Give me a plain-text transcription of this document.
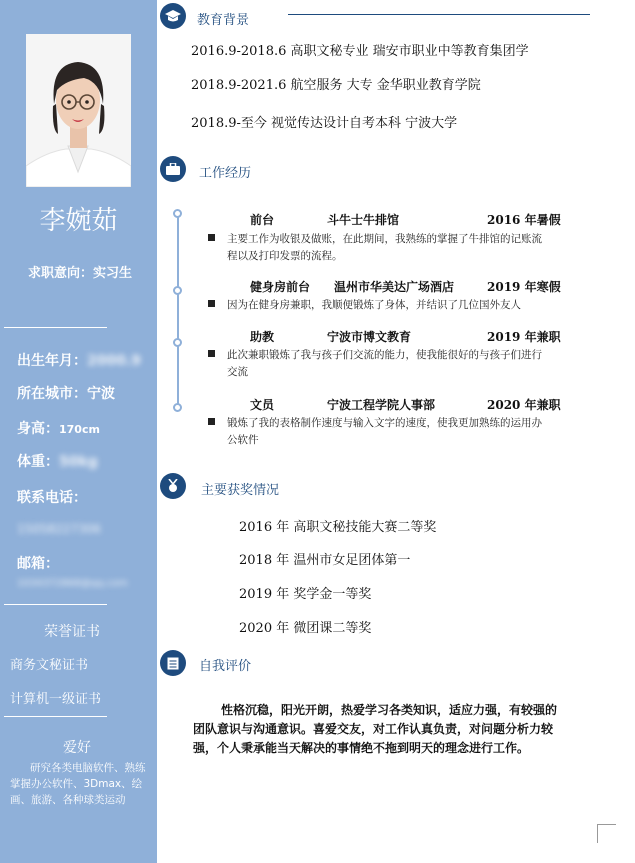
李婉茹
求职意向：实习生
出生年月：2000.9
所在城市：宁波
身高：170cm
体重：50kg
联系电话：
15058227306
邮箱：
1034372868@qq.com
荣誉证书
商务文秘证书
计算机一级证书
爱好
研究各类电脑软件、熟练掌握办公软件、3Dmax、绘画、旅游、各种球类运动
教育背景
2016.9-2018.6 高职文秘专业 瑞安市职业中等教育集团学
2018.9-2021.6 航空服务 大专 金华职业教育学院
2018.9-至今 视觉传达设计自考本科 宁波大学
工作经历
前台	斗牛士牛排馆	2016 年暑假
主要工作为收银及做账，在此期间，我熟练的掌握了牛排馆的记账流
程以及打印发票的流程。
健身房前台 温州市华美达广场酒店	2019 年寒假
因为在健身房兼职，我顺便锻炼了身体，并结识了几位国外友人
助教	宁波市博文教育	2019 年兼职
此次兼职锻炼了我与孩子们交流的能力，使我能很好的与孩子们进行
交流
文员	宁波工程学院人事部	2020 年兼职
锻炼了我的表格制作速度与输入文字的速度，使我更加熟练的运用办
公软件
主要获奖情况
2016 年 高职文秘技能大赛二等奖
2018 年 温州市女足团体第一
2019 年 奖学金一等奖
2020 年 微团课二等奖
自我评价
性格沉稳，阳光开朗，热爱学习各类知识，适应力强，有较强的
团队意识与沟通意识。喜爱交友，对工作认真负责，对问题分析力较
强，个人秉承能当天解决的事情绝不拖到明天的理念进行工作。
